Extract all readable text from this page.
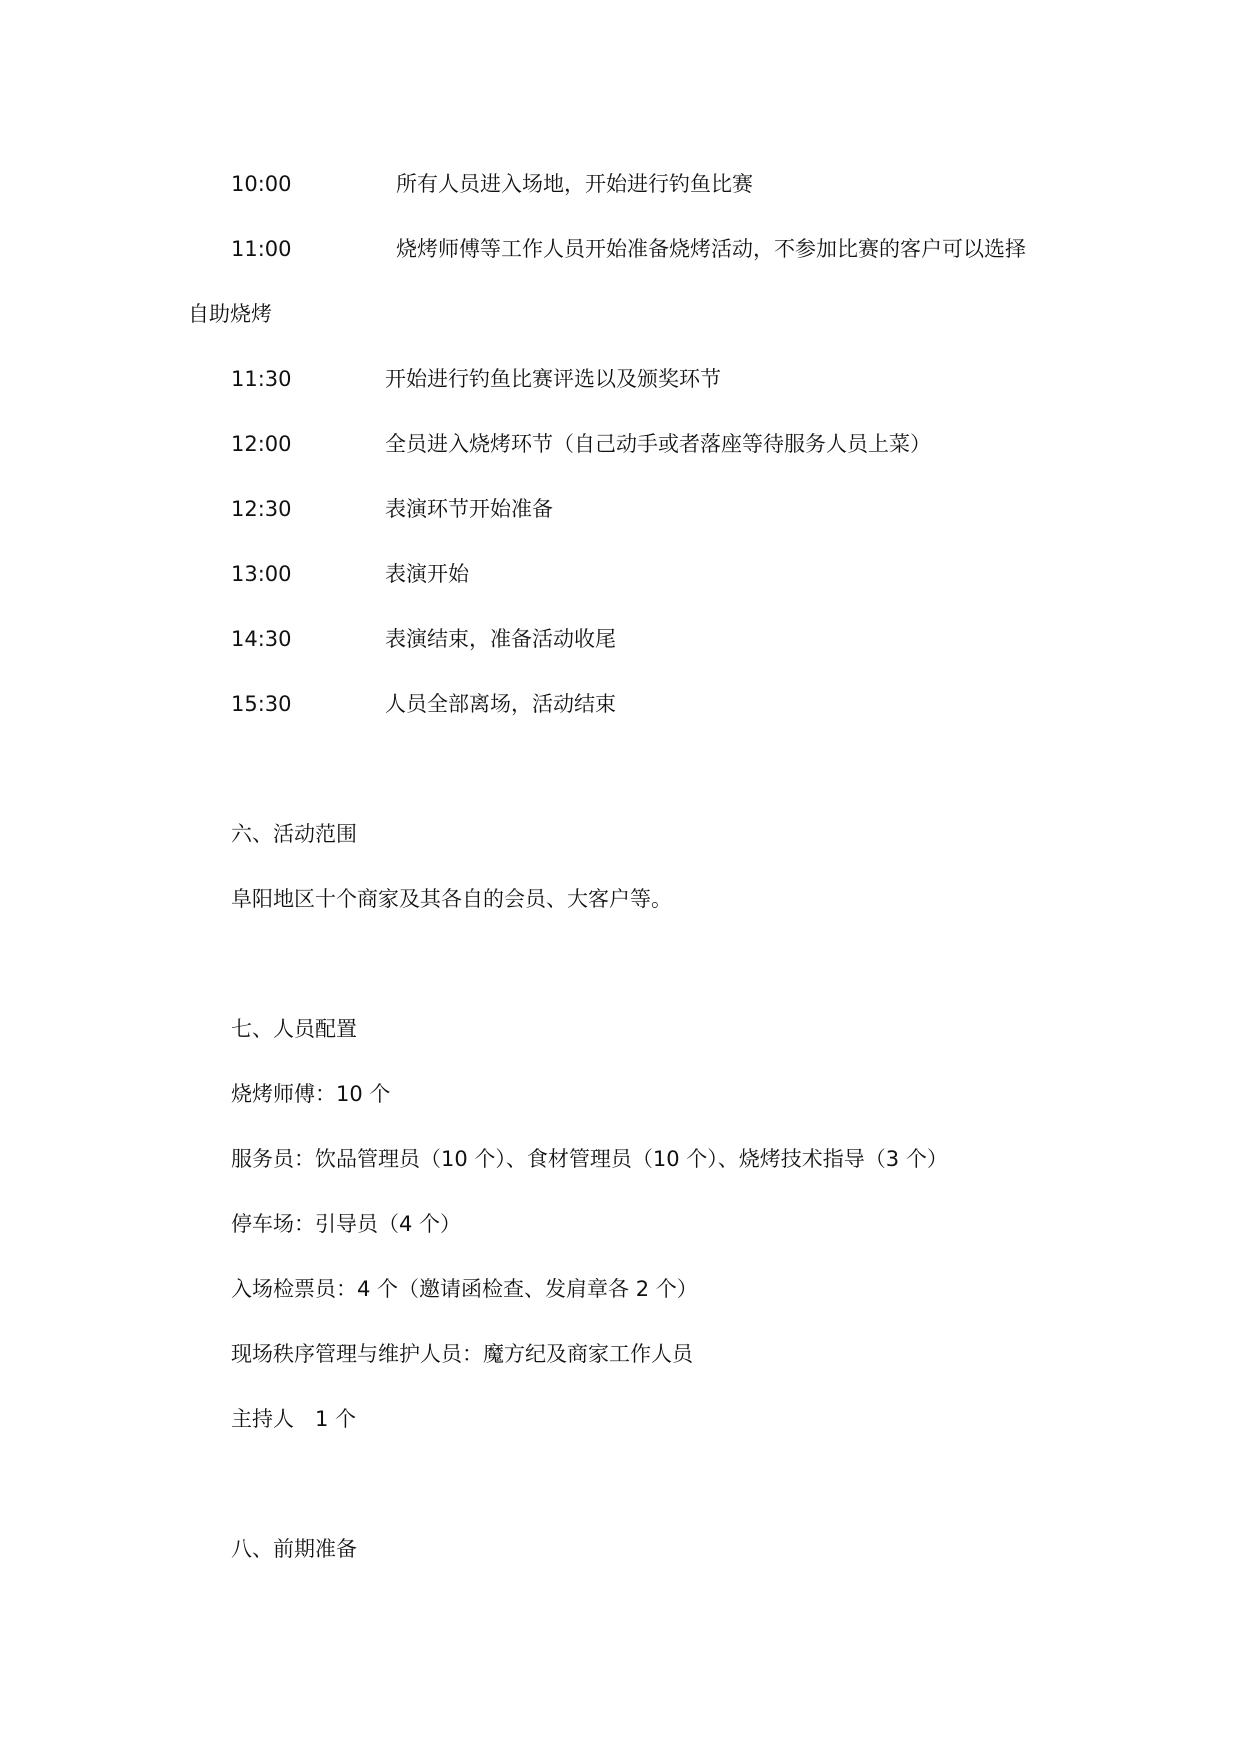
10:00	所有人员进入场地，开始进行钓鱼比赛
11:00	烧烤师傅等工作人员开始准备烧烤活动，不参加比赛的客户可以选择
自助烧烤
11:30	开始进行钓鱼比赛评选以及颁奖环节
12:00	全员进入烧烤环节（自己动手或者落座等待服务人员上菜）
12:30	表演环节开始准备
13:00	表演开始
14:30	表演结束，准备活动收尾
15:30	人员全部离场，活动结束
六、活动范围
阜阳地区十个商家及其各自的会员、大客户等。
七、人员配置
烧烤师傅：10 个
服务员：饮品管理员（10 个）、食材管理员（10 个）、烧烤技术指导（3 个）
停车场：引导员（4 个）
入场检票员：4 个（邀请函检查、发肩章各 2 个）
现场秩序管理与维护人员：魔方纪及商家工作人员
主持人　1 个
八、前期准备
